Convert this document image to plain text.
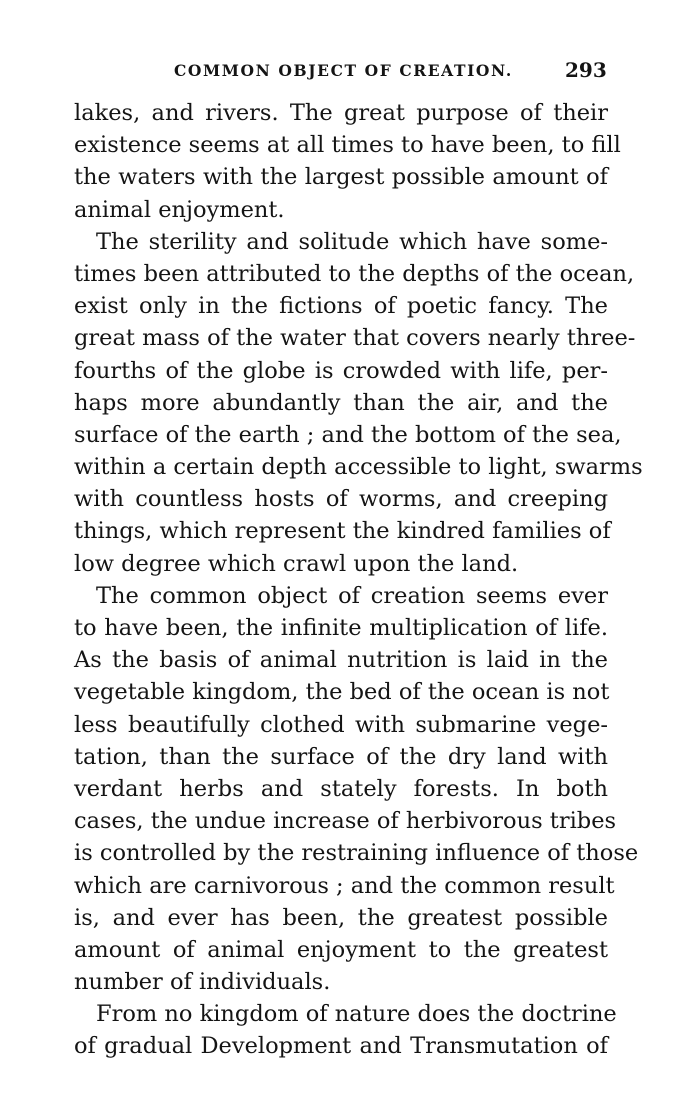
COMMON OBJECT OF CREATION.	293
lakes, and rivers. The great purpose of their
existence seems at all times to have been, to fill
the waters with the largest possible amount of
animal enjoyment.
The sterility and solitude which have some-
times been attributed to the depths of the ocean,
exist only in the fictions of poetic fancy. The
great mass of the water that covers nearly three-
fourths of the globe is crowded with life, per-
haps more abundantly than the air, and the
surface of the earth ; and the bottom of the sea,
within a certain depth accessible to light, swarms
with countless hosts of worms, and creeping
things, which represent the kindred families of
low degree which crawl upon the land.
The common object of creation seems ever
to have been, the infinite multiplication of life.
As the basis of animal nutrition is laid in the
vegetable kingdom, the bed of the ocean is not
less beautifully clothed with submarine vege-
tation, than the surface of the dry land with
verdant herbs and stately forests. In both
cases, the undue increase of herbivorous tribes
is controlled by the restraining influence of those
which are carnivorous ; and the common result
is, and ever has been, the greatest possible
amount of animal enjoyment to the greatest
number of individuals.
From no kingdom of nature does the doctrine
of gradual Development and Transmutation of
